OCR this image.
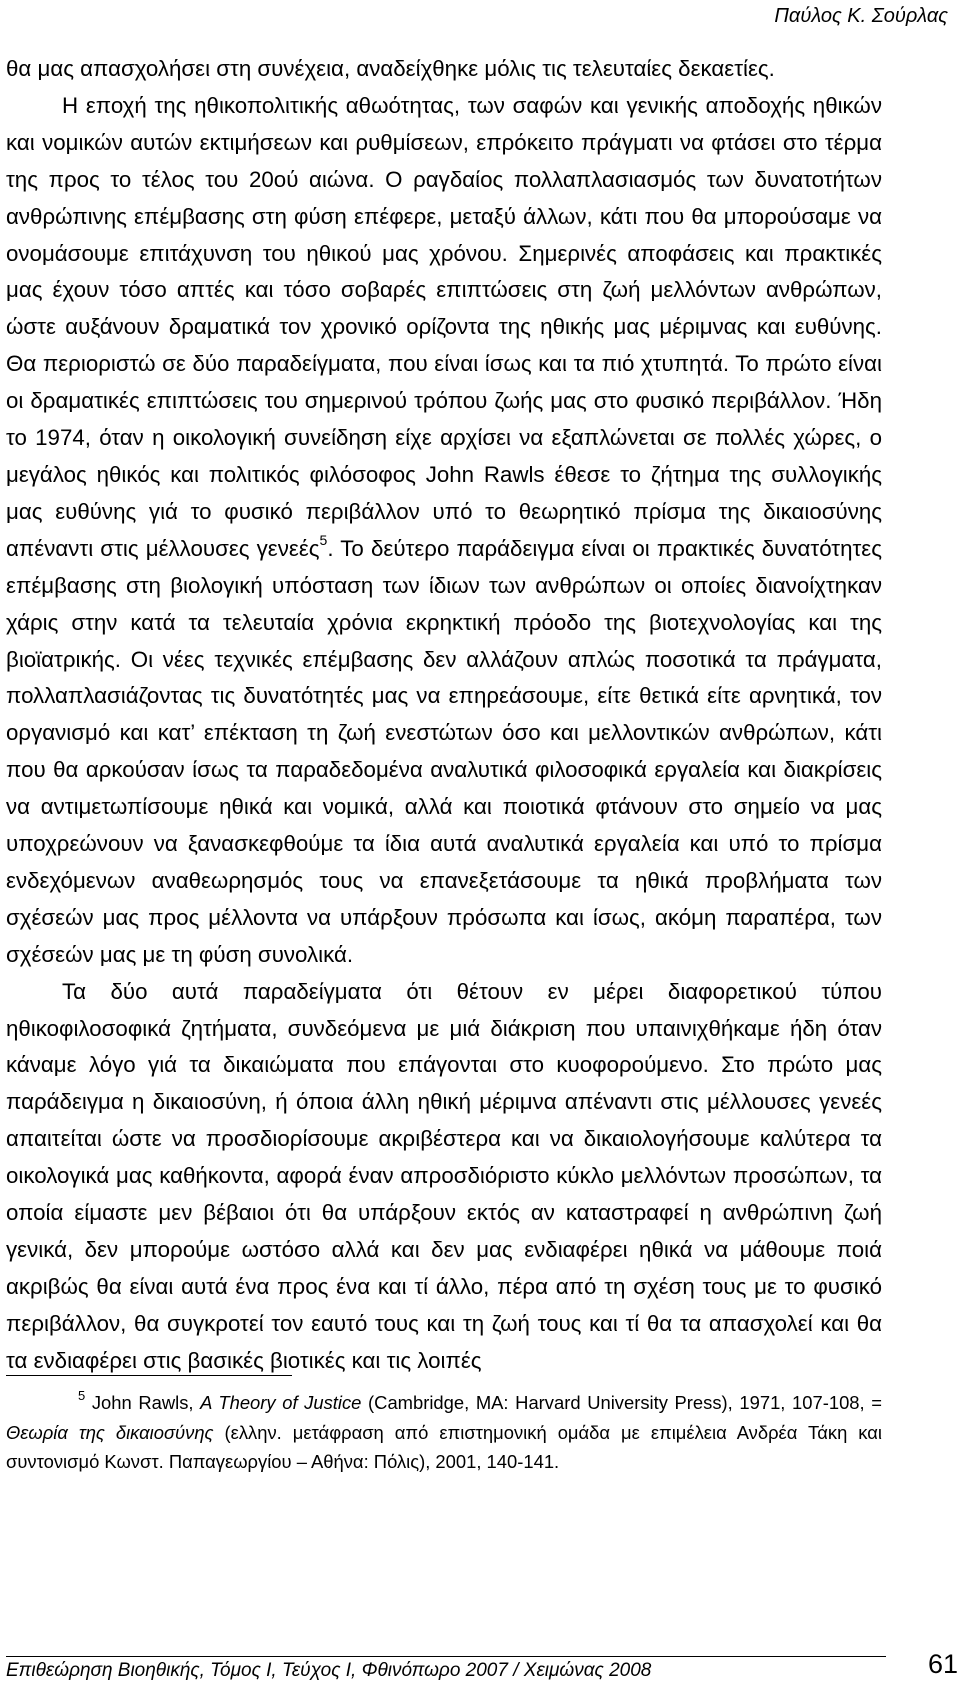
Παύλος Κ. Σούρλας

θα μας απασχολήσει στη συνέχεια, αναδείχθηκε μόλις τις τελευταίες δεκαετίες.

Η εποχή της ηθικοπολιτικής αθωότητας, των σαφών και γενικής αποδοχής ηθικών και νομικών αυτών εκτιμήσεων και ρυθμίσεων, επρόκειτο πράγματι να φτάσει στο τέρμα της προς το τέλος του 20ού αιώνα. Ο ραγδαίος πολλαπλασιασμός των δυνατοτήτων ανθρώπινης επέμβασης στη φύση επέφερε, μεταξύ άλλων, κάτι που θα μπορούσαμε να ονομάσουμε επιτάχυνση του ηθικού μας χρόνου. Σημερινές αποφάσεις και πρακτικές μας έχουν τόσο απτές και τόσο σοβαρές επιπτώσεις στη ζωή μελλόντων ανθρώπων, ώστε αυξάνουν δραματικά τον χρονικό ορίζοντα της ηθικής μας μέριμνας και ευθύνης. Θα περιοριστώ σε δύο παραδείγματα, που είναι ίσως και τα πιό χτυπητά. Το πρώτο είναι οι δραματικές επιπτώσεις του σημερινού τρόπου ζωής μας στο φυσικό περιβάλλον. Ήδη το 1974, όταν η οικολογική συνείδηση είχε αρχίσει να εξαπλώνεται σε πολλές χώρες, ο μεγάλος ηθικός και πολιτικός φιλόσοφος John Rawls έθεσε το ζήτημα της συλλογικής μας ευθύνης γιά το φυσικό περιβάλλον υπό το θεωρητικό πρίσμα της δικαιοσύνης απέναντι στις μέλλουσες γενεές$^5$. Το δεύτερο παράδειγμα είναι οι πρακτικές δυνατότητες επέμβασης στη βιολογική υπόσταση των ίδιων των ανθρώπων οι οποίες διανοίχτηκαν χάρις στην κατά τα τελευταία χρόνια εκρηκτική πρόοδο της βιοτεχνολογίας και της βιοϊατρικής. Οι νέες τεχνικές επέμβασης δεν αλλάζουν απλώς ποσοτικά τα πράγματα, πολλαπλασιάζοντας τις δυνατότητές μας να επηρεάσουμε, είτε θετικά είτε αρνητικά, τον οργανισμό και κατ’ επέκταση τη ζωή ενεστώτων όσο και μελλοντικών ανθρώπων, κάτι που θα αρκούσαν ίσως τα παραδεδομένα αναλυτικά φιλοσοφικά εργαλεία και διακρίσεις να αντιμετωπίσουμε ηθικά και νομικά, αλλά και ποιοτικά φτάνουν στο σημείο να μας υποχρεώνουν να ξανασκεφθούμε τα ίδια αυτά αναλυτικά εργαλεία και υπό το πρίσμα ενδεχόμενων αναθεωρησμός τους να επανεξετάσουμε τα ηθικά προβλήματα των σχέσεών μας προς μέλλοντα να υπάρξουν πρόσωπα και ίσως, ακόμη παραπέρα, των σχέσεών μας με τη φύση συνολικά.

Τα δύο αυτά παραδείγματα ότι θέτουν εν μέρει διαφορετικού τύπου ηθικοφιλοσοφικά ζητήματα, συνδεόμενα με μιά διάκριση που υπαινιχθήκαμε ήδη όταν κάναμε λόγο γιά τα δικαιώματα που επάγονται στο κυοφορούμενο. Στο πρώτο μας παράδειγμα η δικαιοσύνη, ή όποια άλλη ηθική μέριμνα απέναντι στις μέλλουσες γενεές απαιτείται ώστε να προσδιορίσουμε ακριβέστερα και να δικαιολογήσουμε καλύτερα τα οικολογικά μας καθήκοντα, αφορά έναν απροσδιόριστο κύκλο μελλόντων προσώπων, τα οποία είμαστε μεν βέβαιοι ότι θα υπάρξουν εκτός αν καταστραφεί η ανθρώπινη ζωή γενικά, δεν μπορούμε ωστόσο αλλά και δεν μας ενδιαφέρει ηθικά να μάθουμε ποιά ακριβώς θα είναι αυτά ένα προς ένα και τί άλλο, πέρα από τη σχέση τους με το φυσικό περιβάλλον, θα συγκροτεί τον εαυτό τους και τη ζωή τους και τί θα τα απασχολεί και θα τα ενδιαφέρει στις βασικές βιοτικές και τις λοιπές

$^5$ John Rawls, A Theory of Justice (Cambridge, MA: Harvard University Press), 1971, 107-108, = Θεωρία της δικαιοσύνης (ελλην. μετάφραση από επιστημονική ομάδα με επιμέλεια Ανδρέα Τάκη και συντονισμό Κωνστ. Παπαγεωργίου – Αθήνα: Πόλις), 2001, 140-141.

Επιθεώρηση Βιοηθικής, Τόμος Ι, Τεύχος Ι, Φθινόπωρο 2007 / Χειμώνας 2008	61
